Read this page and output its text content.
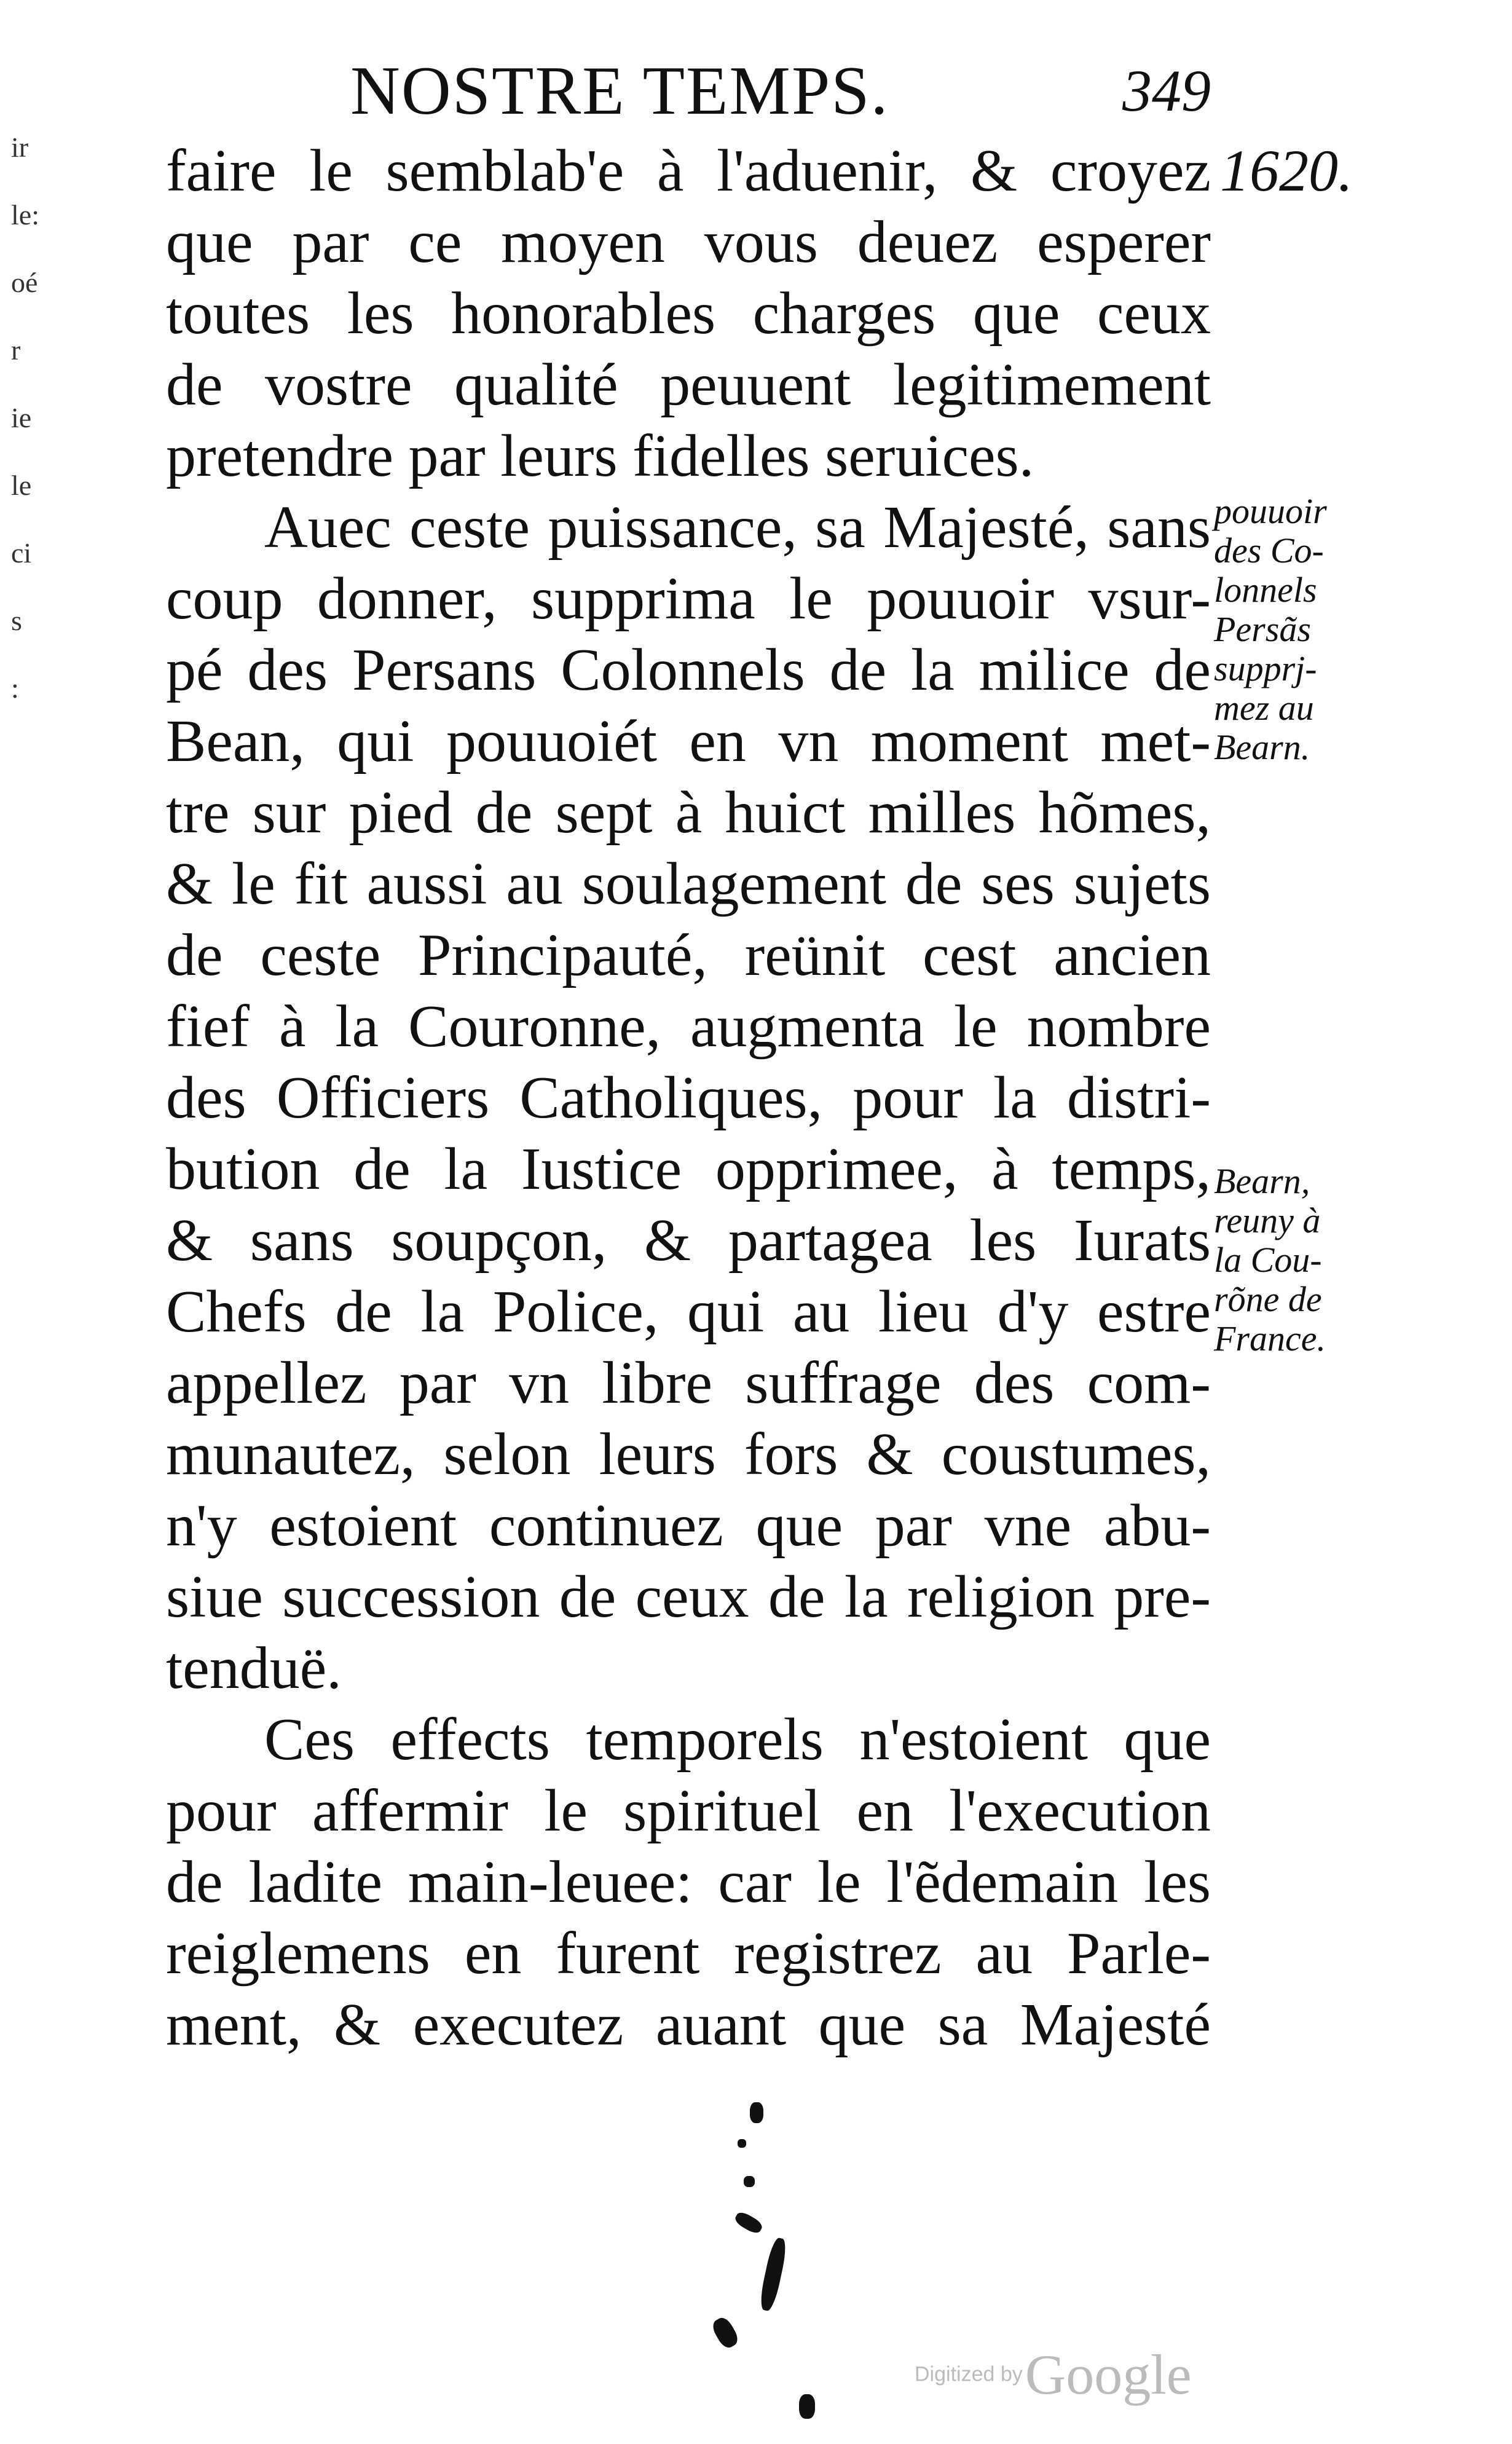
NOSTRE TEMPS.	349
1620.
faire le semblab'e à l'aduenir, & croyez
que par ce moyen vous deuez esperer
toutes les honorables charges que ceux
de vostre qualité peuuent legitimement
pretendre par leurs fidelles seruices.
Auec ceste puissance, sa Majesté, sans
coup donner, supprima le pouuoir vsur-
pé des Persans Colonnels de la milice de
Bean, qui pouuoiét en vn moment met-
tre sur pied de sept à huict milles hõmes,
& le fit aussi au soulagement de ses sujets
de ceste Principauté, reünit cest ancien
fief à la Couronne, augmenta le nombre
des Officiers Catholiques, pour la distri-
bution de la Iustice opprimee, à temps,
& sans soupçon, & partagea les Iurats
Chefs de la Police, qui au lieu d'y estre
appellez par vn libre suffrage des com-
munautez, selon leurs fors & coustumes,
n'y estoient continuez que par vne abu-
siue succession de ceux de la religion pre-
tenduë.
Ces effects temporels n'estoient que
pour affermir le spirituel en l'execution
de ladite main-leuee: car le l'ẽdemain les
reiglemens en furent registrez au Parle-
ment, & executez auant que sa Majesté
pouuoir
des Co-
lonnels
Persãs
supprj-
mez au
Bearn.
Bearn,
reuny à
la Cou-
rõne de
France.
ir
le:
oé
r
ie
le
ci
s
:
Digitized by Google
